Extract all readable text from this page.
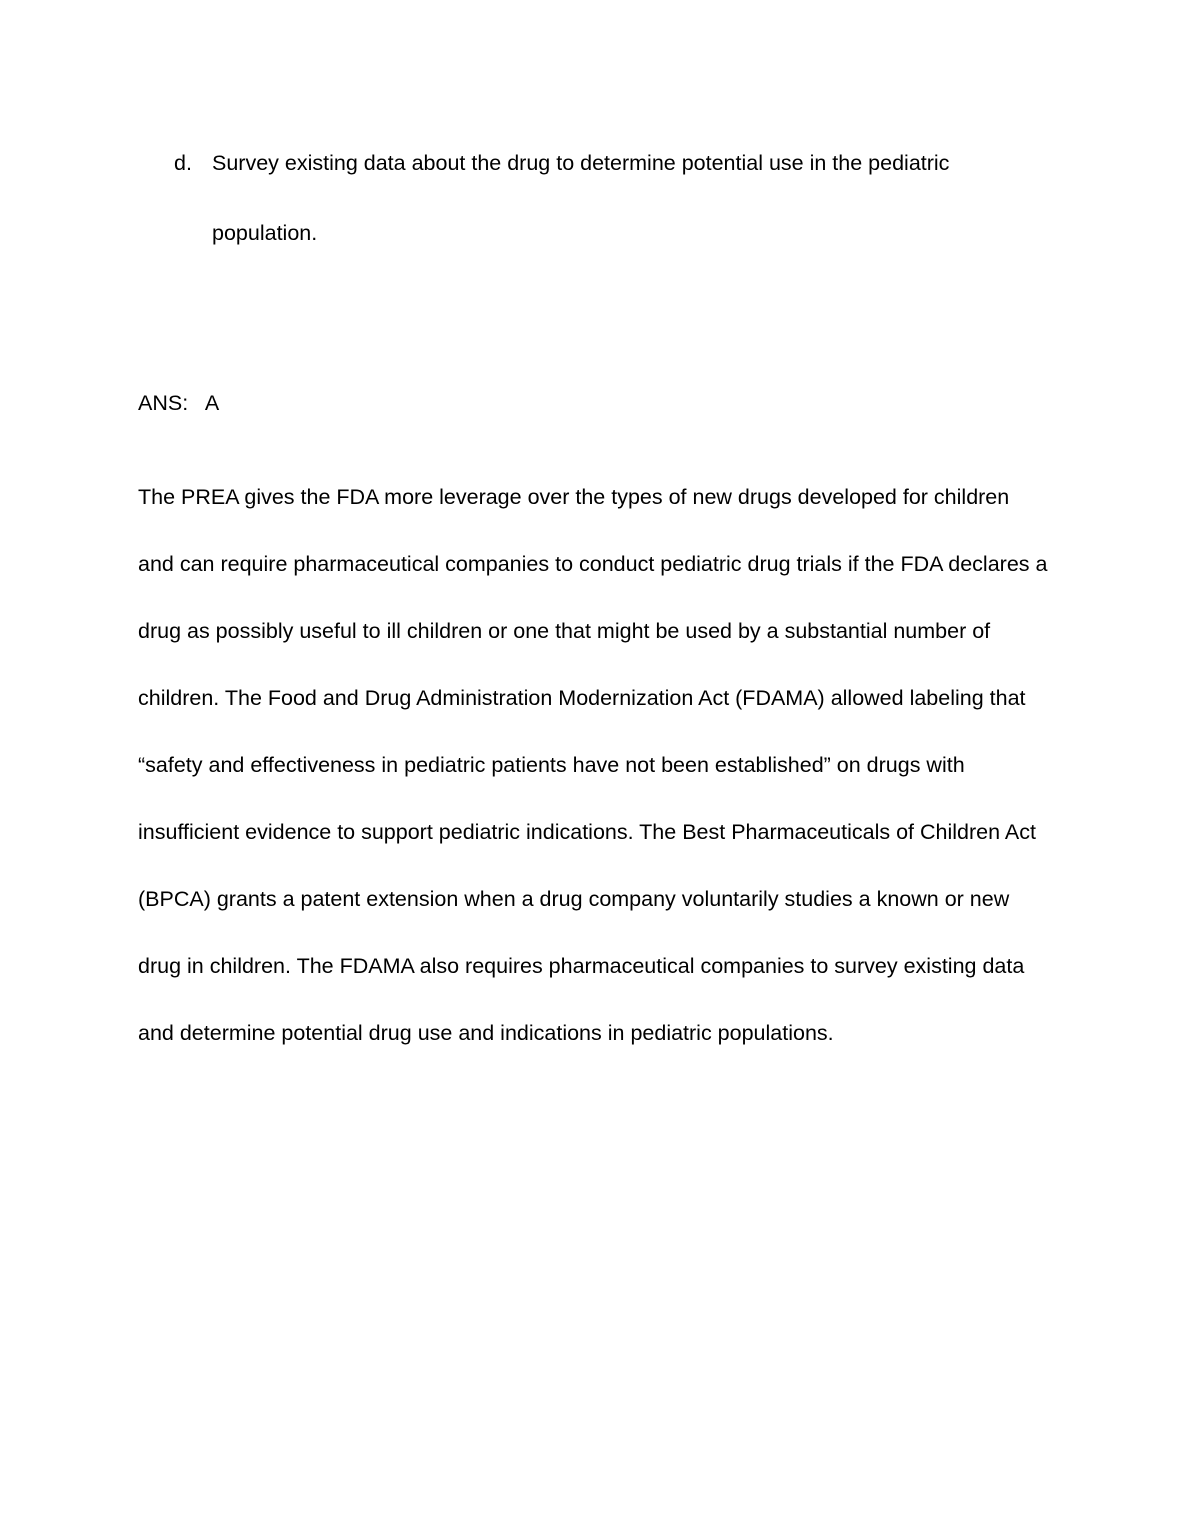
d. Survey existing data about the drug to determine potential use in the pediatric population.
ANS:   A
The PREA gives the FDA more leverage over the types of new drugs developed for children and can require pharmaceutical companies to conduct pediatric drug trials if the FDA declares a drug as possibly useful to ill children or one that might be used by a substantial number of children. The Food and Drug Administration Modernization Act (FDAMA) allowed labeling that “safety and effectiveness in pediatric patients have not been established” on drugs with insufficient evidence to support pediatric indications. The Best Pharmaceuticals of Children Act (BPCA) grants a patent extension when a drug company voluntarily studies a known or new drug in children. The FDAMA also requires pharmaceutical companies to survey existing data and determine potential drug use and indications in pediatric populations.
